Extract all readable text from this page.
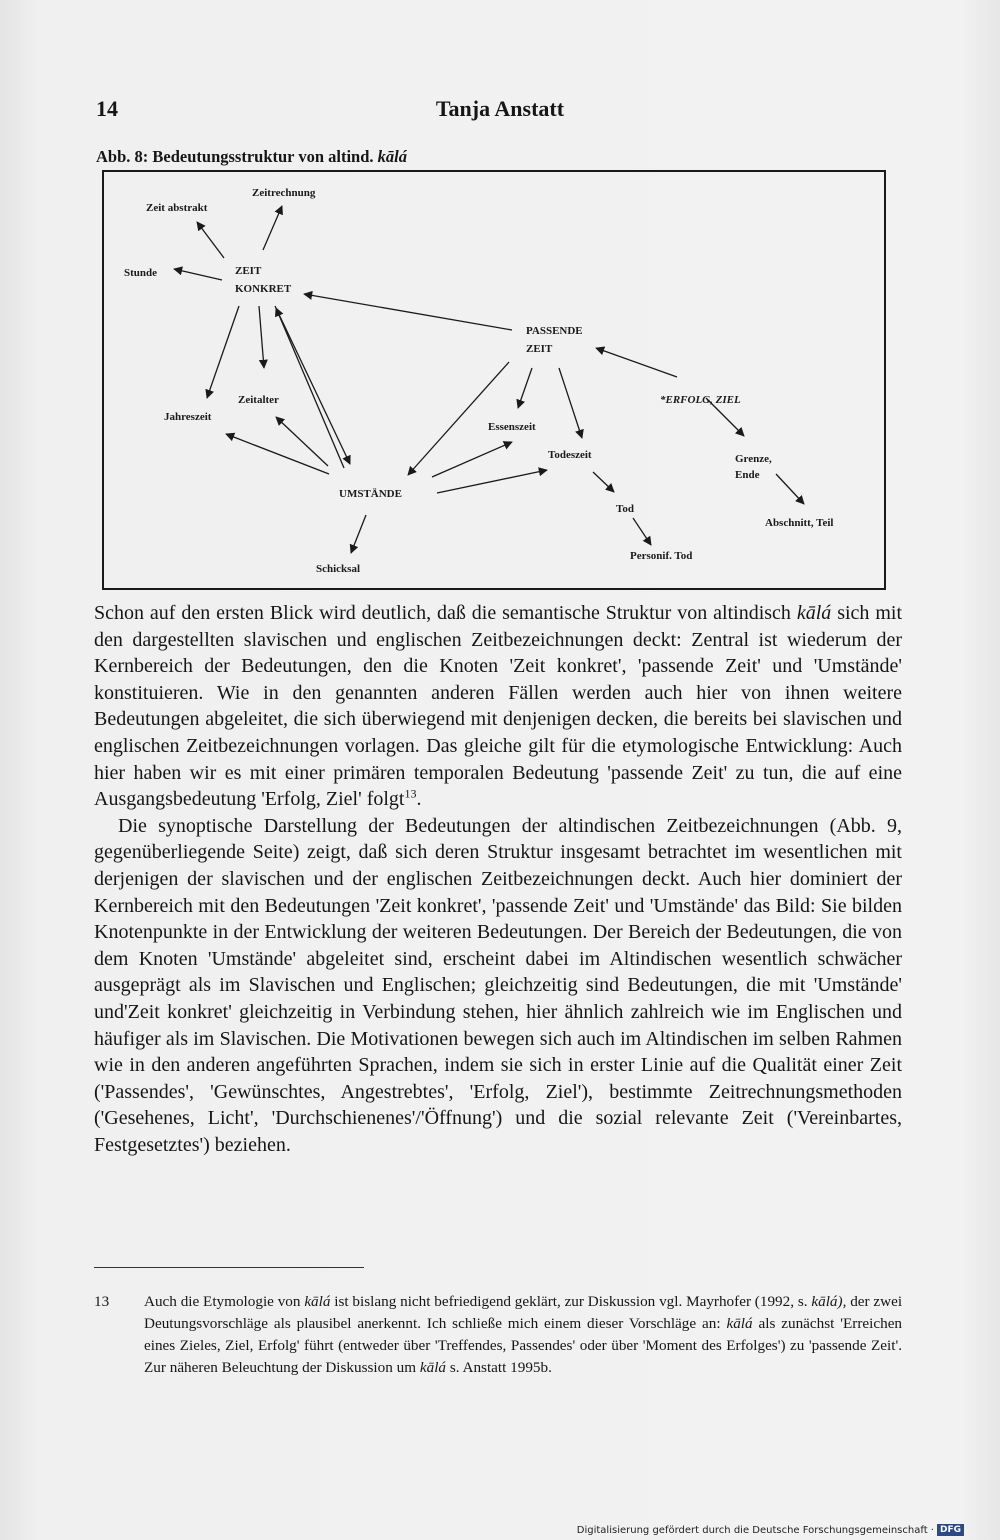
14	Tanja Anstatt
Abb. 8: Bedeutungsstruktur von altind. kālá
Zeit abstrakt
Zeitrechnung
Stunde	ZEIT
KONKRET
PASSENDE
ZEIT
*ERFOLG, ZIEL
Zeitalter
Jahreszeit
Essenszeit
Todeszeit	Grenze,
Ende
UMSTÄNDE
Tod
Abschnitt, Teil
Schicksal
Personif. Tod

Schon auf den ersten Blick wird deutlich, daß die semantische Struktur von altindisch kālá sich mit den dargestellten slavischen und englischen Zeitbezeichnungen deckt: Zentral ist wiederum der Kernbereich der Bedeutungen, den die Knoten 'Zeit konkret', 'passende Zeit' und 'Umstände' konstituieren. Wie in den genannten anderen Fällen werden auch hier von ihnen weitere Bedeutungen abgeleitet, die sich überwiegend mit denjenigen decken, die bereits bei slavischen und englischen Zeitbezeichnungen vorlagen. Das gleiche gilt für die etymologische Entwicklung: Auch hier haben wir es mit einer primären temporalen Bedeutung 'passende Zeit' zu tun, die auf eine Ausgangsbedeutung 'Erfolg, Ziel' folgt$^{13}$.

Die synoptische Darstellung der Bedeutungen der altindischen Zeitbezeichnungen (Abb. 9, gegenüberliegende Seite) zeigt, daß sich deren Struktur insgesamt betrachtet im wesentlichen mit derjenigen der slavischen und der englischen Zeitbezeichnungen deckt. Auch hier dominiert der Kernbereich mit den Bedeutungen 'Zeit konkret', 'passende Zeit' und 'Umstände' das Bild: Sie bilden Knotenpunkte in der Entwicklung der weiteren Bedeutungen. Der Bereich der Bedeutungen, die von dem Knoten 'Umstände' abgeleitet sind, erscheint dabei im Altindischen wesentlich schwächer ausgeprägt als im Slavischen und Englischen; gleichzeitig sind Bedeutungen, die mit 'Umstände' und'Zeit konkret' gleichzeitig in Verbindung stehen, hier ähnlich zahlreich wie im Englischen und häufiger als im Slavischen. Die Motivationen bewegen sich auch im Altindischen im selben Rahmen wie in den anderen angeführten Sprachen, indem sie sich in erster Linie auf die Qualität einer Zeit ('Passendes', 'Gewünschtes, Angestrebtes', 'Erfolg, Ziel'), bestimmte Zeitrechnungsmethoden ('Gesehenes, Licht', 'Durchschienenes'/'Öffnung') und die sozial relevante Zeit ('Vereinbartes, Festgesetztes') beziehen.

13 Auch die Etymologie von kālá ist bislang nicht befriedigend geklärt, zur Diskussion vgl. Mayrhofer (1992, s. kālá), der zwei Deutungsvorschläge als plausibel anerkennt. Ich schließe mich einem dieser Vorschläge an: kālá als zunächst 'Erreichen eines Zieles, Ziel, Erfolg' führt (entweder über 'Treffendes, Passendes' oder über 'Moment des Erfolges') zu 'passende Zeit'. Zur näheren Beleuchtung der Diskussion um kālá s. Anstatt 1995b.
Digitalisierung gefördert durch die Deutsche Forschungsgemeinschaft · DFG
